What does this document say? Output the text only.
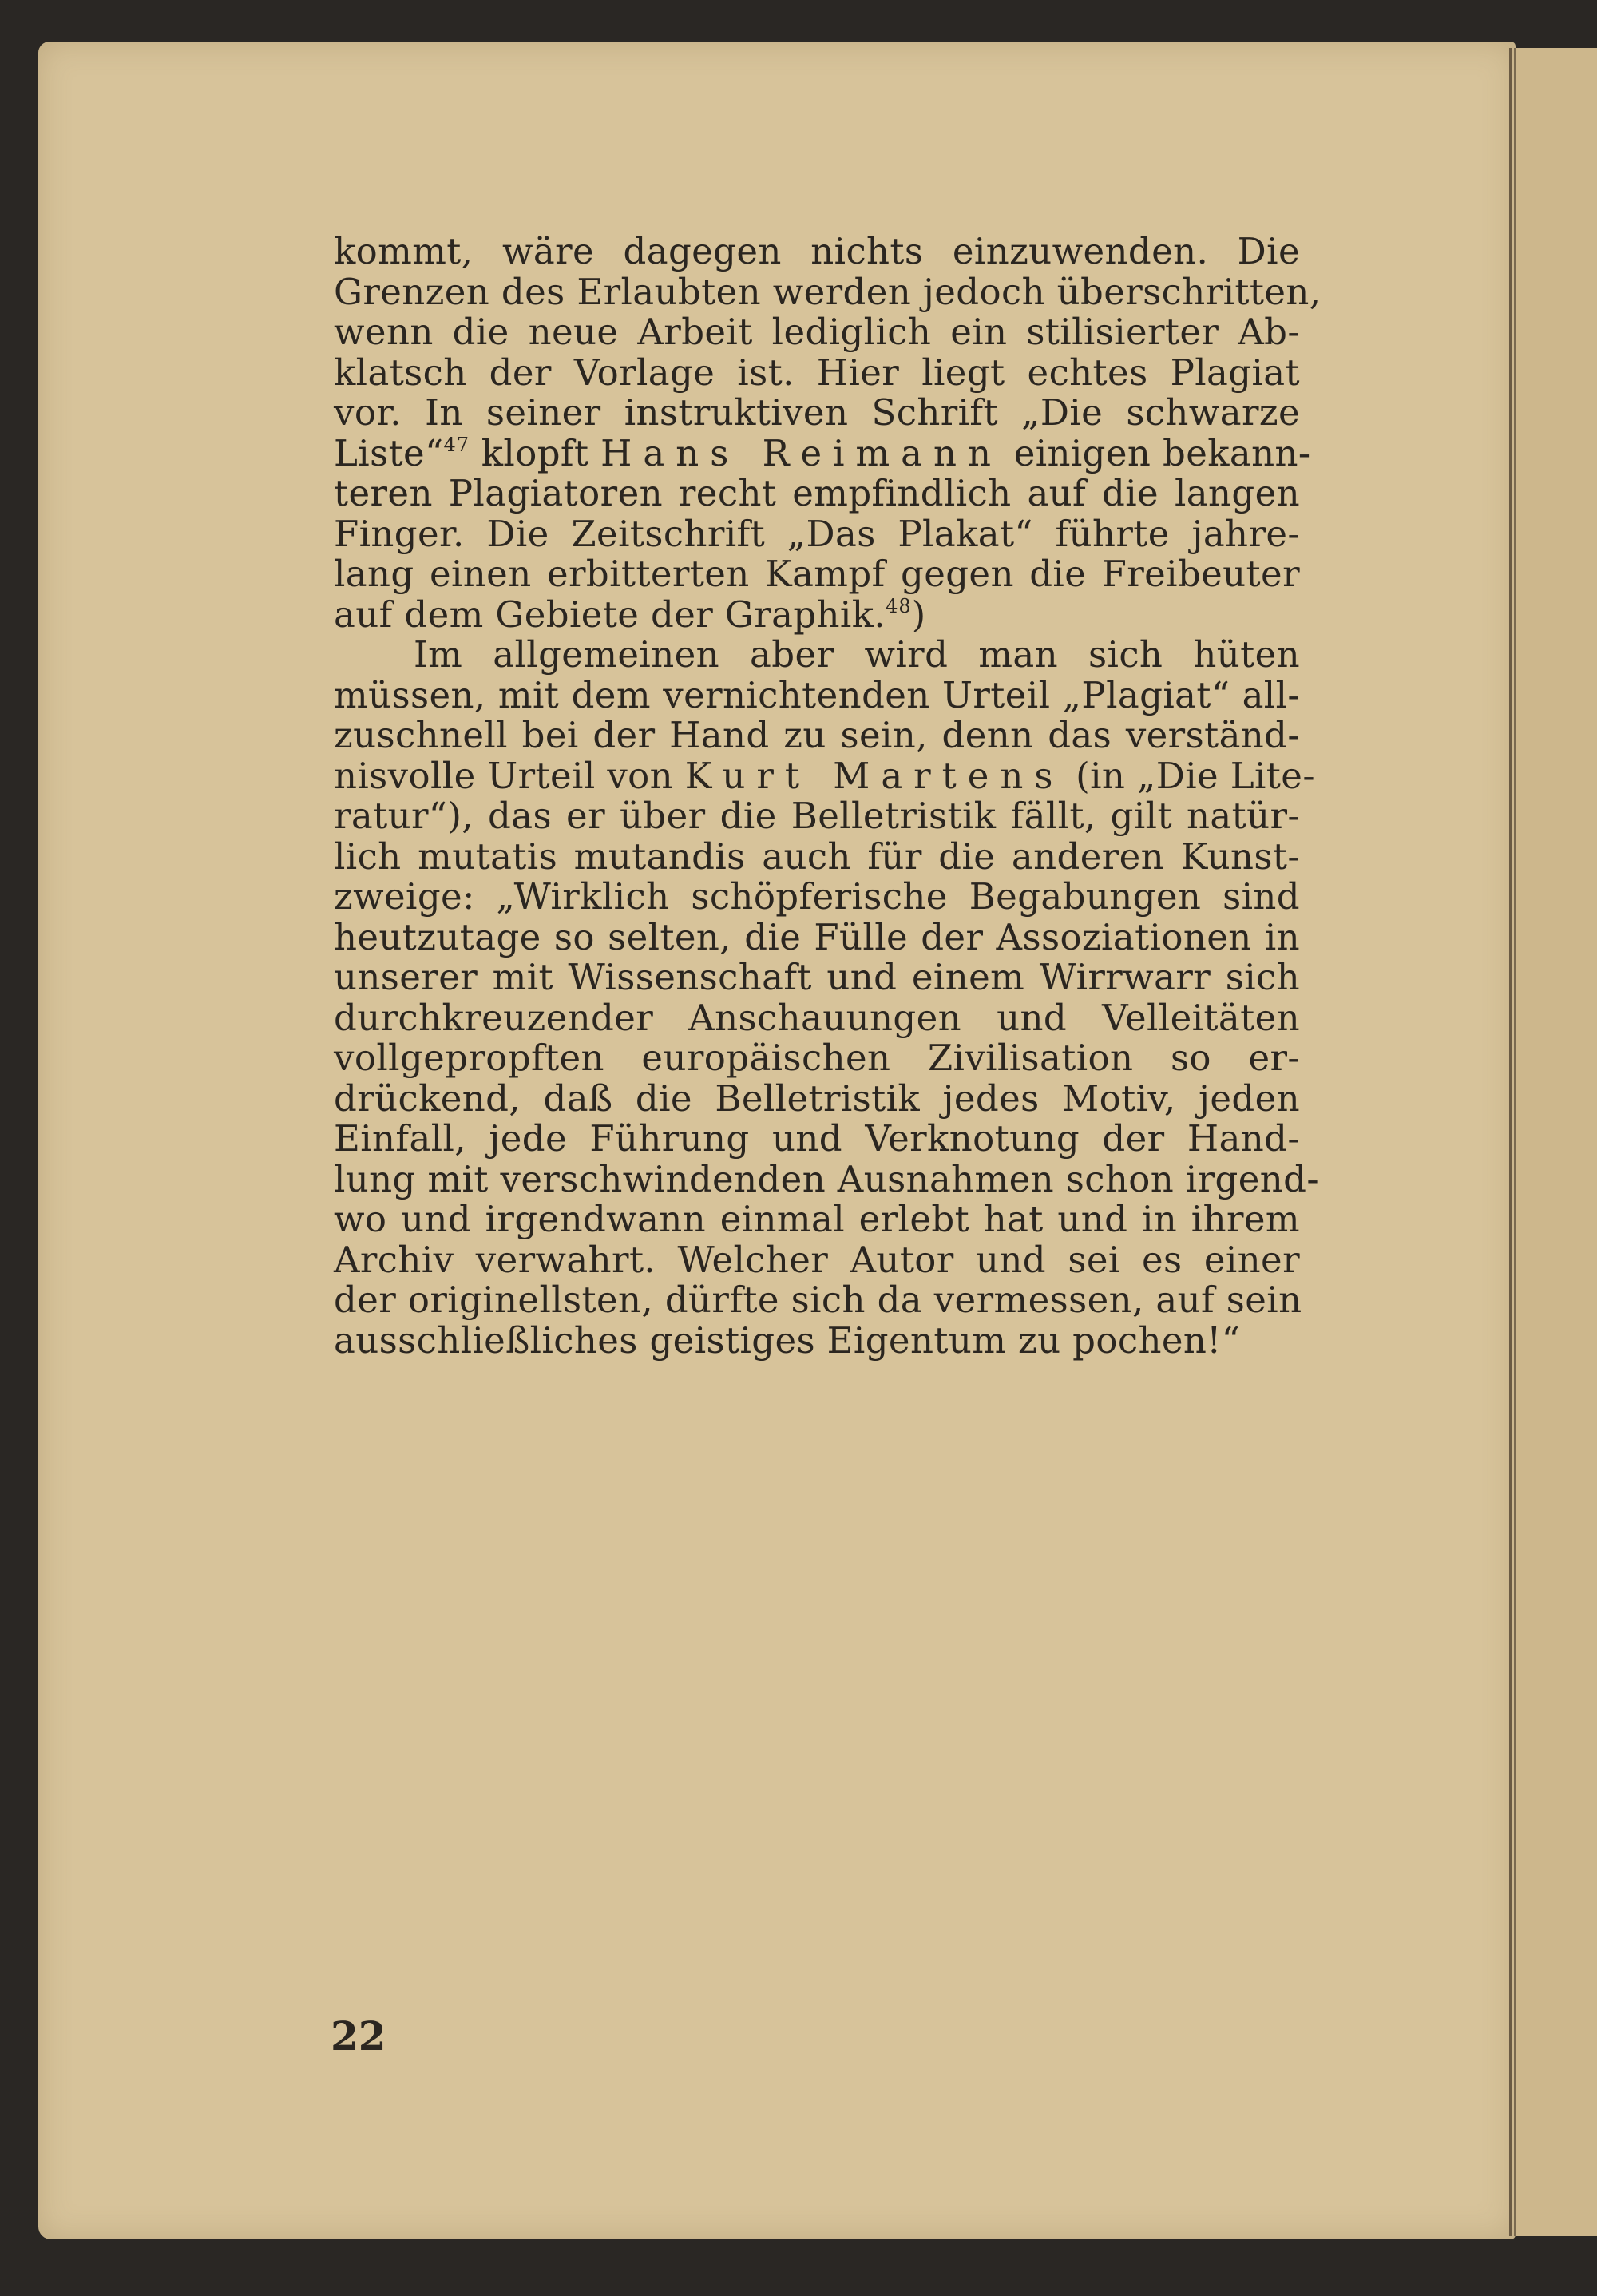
kommt, wäre dagegen nichts einzuwenden. Die
Grenzen des Erlaubten werden jedoch überschritten,
wenn die neue Arbeit lediglich ein stilisierter Ab-
klatsch der Vorlage ist. Hier liegt echtes Plagiat
vor. In seiner instruktiven Schrift „Die schwarze
Liste“$^{47}$ klopft Hans Reimann einigen bekann-
teren Plagiatoren recht empfindlich auf die langen
Finger. Die Zeitschrift „Das Plakat“ führte jahre-
lang einen erbitterten Kampf gegen die Freibeuter
auf dem Gebiete der Graphik.$^{48}$)
Im allgemeinen aber wird man sich hüten
müssen, mit dem vernichtenden Urteil „Plagiat“ all-
zuschnell bei der Hand zu sein, denn das verständ-
nisvolle Urteil von Kurt Martens (in „Die Lite-
ratur“), das er über die Belletristik fällt, gilt natür-
lich mutatis mutandis auch für die anderen Kunst-
zweige: „Wirklich schöpferische Begabungen sind
heutzutage so selten, die Fülle der Assoziationen in
unserer mit Wissenschaft und einem Wirrwarr sich
durchkreuzender Anschauungen und Velleitäten
vollgepropften europäischen Zivilisation so er-
drückend, daß die Belletristik jedes Motiv, jeden
Einfall, jede Führung und Verknotung der Hand-
lung mit verschwindenden Ausnahmen schon irgend-
wo und irgendwann einmal erlebt hat und in ihrem
Archiv verwahrt. Welcher Autor und sei es einer
der originellsten, dürfte sich da vermessen, auf sein
ausschließliches geistiges Eigentum zu pochen!“
22
